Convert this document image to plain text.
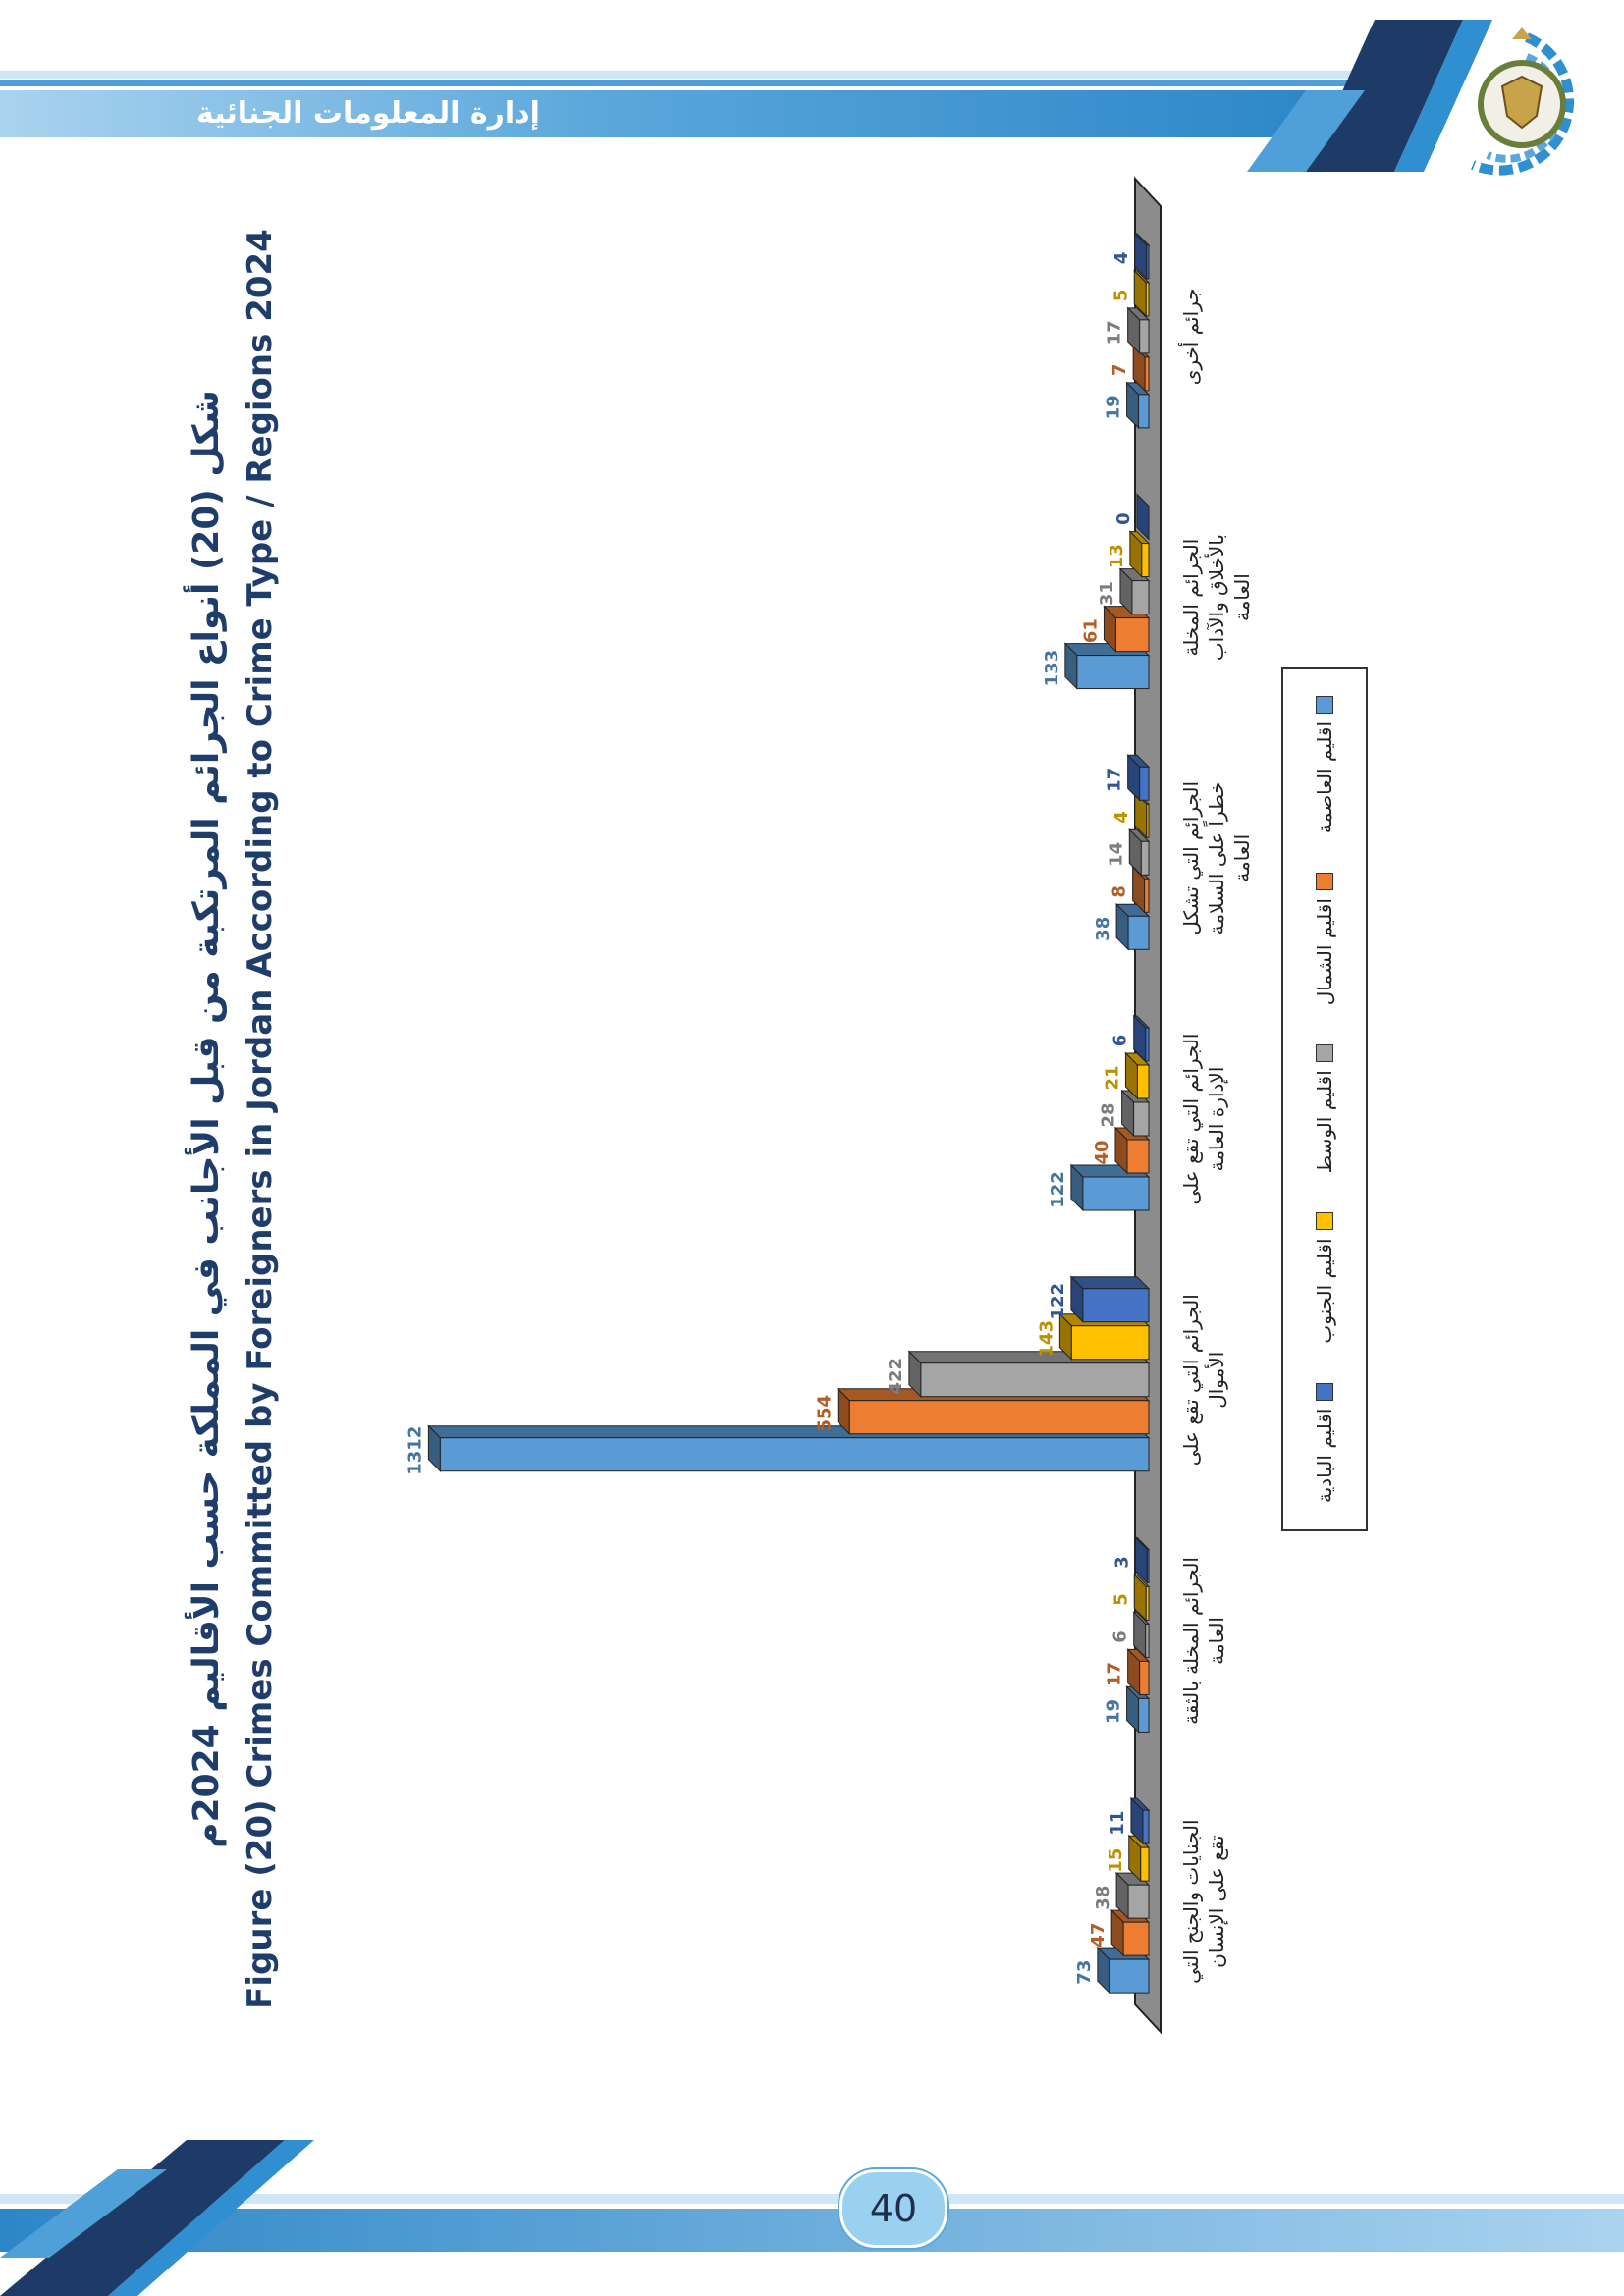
إدارة المعلومات الجنائية
شكل (20) أنواع الجرائم المرتكبة من قبل الأجانب في المملكة حسب الأقاليم 2024م Figure (20) Crimes Committed by Foreigners in Jordan According to Crime Type / Regions 2024	73
47
38
15
11	الجنايات والجنح التي تقع على الإنسان
19
17
6
5
3 الجرائم المخلة بالثقة العامة
1312
554
422
143
122	الجرائم التي تقع على الأموال
122
40
28
21
6 الجرائم التي تقع على الإدارة العامة
38
8
14
4
17
الجرائم التي تشكل خطراً على السلامة العامة
133
61
31
13
0
الجرائم المخلة بالأخلاق والآداب العامة
19
7
17
5
4
جرائم أخرى
اقليم العاصمة
اقليم الشمال
اقليم الوسط
اقليم الجنوب
اقليم البادية
40
